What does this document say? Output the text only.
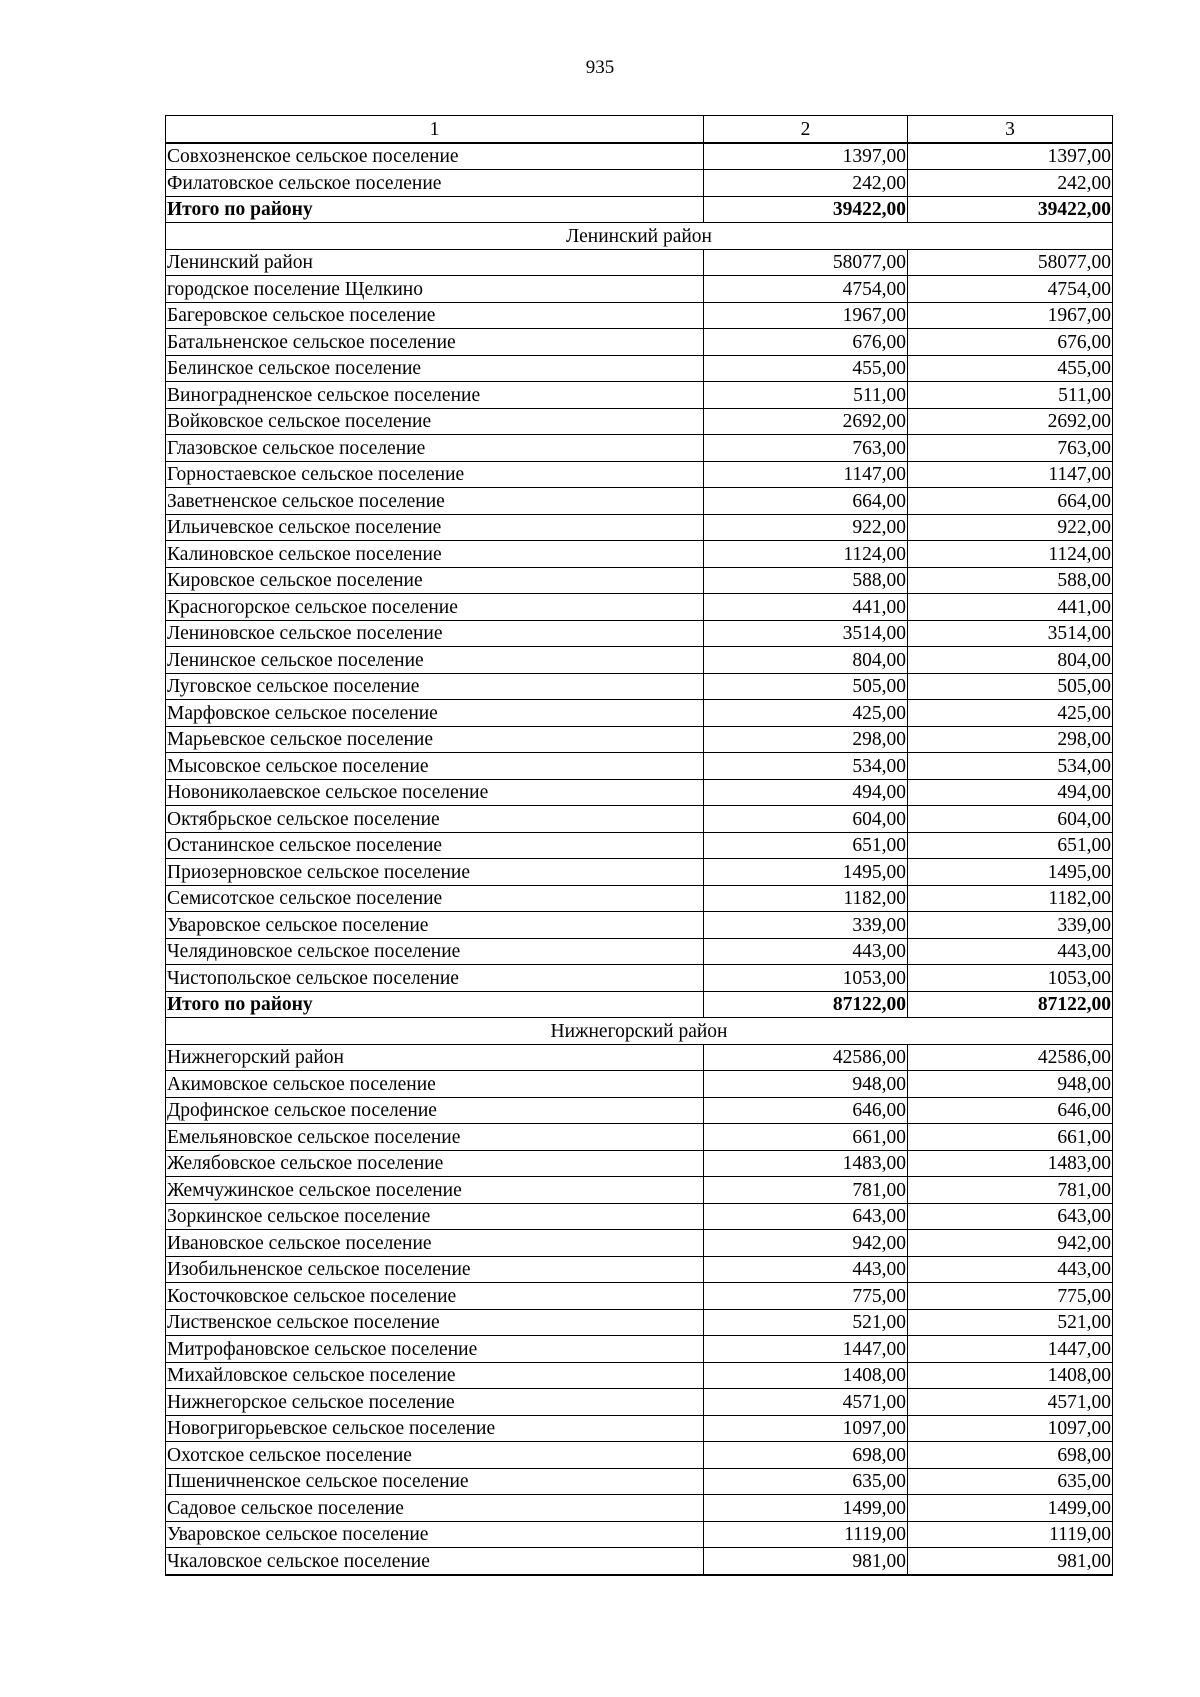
935
1	2	3
Совхозненское сельское поселение	1397,00	1397,00
Филатовское сельское поселение	242,00	242,00
Итого по району	39422,00	39422,00
Ленинский район		
Ленинский район	58077,00	58077,00
городское поселение Щелкино	4754,00	4754,00
Багеровское сельское поселение	1967,00	1967,00
Батальненское сельское поселение	676,00	676,00
Белинское сельское поселение	455,00	455,00
Виноградненское сельское поселение	511,00	511,00
Войковское сельское поселение	2692,00	2692,00
Глазовское сельское поселение	763,00	763,00
Горностаевское сельское поселение	1147,00	1147,00
Заветненское сельское поселение	664,00	664,00
Ильичевское сельское поселение	922,00	922,00
Калиновское сельское поселение	1124,00	1124,00
Кировское сельское поселение	588,00	588,00
Красногорское сельское поселение	441,00	441,00
Лениновское сельское поселение	3514,00	3514,00
Ленинское сельское поселение	804,00	804,00
Луговское сельское поселение	505,00	505,00
Марфовское сельское поселение	425,00	425,00
Марьевское сельское поселение	298,00	298,00
Мысовское сельское поселение	534,00	534,00
Новониколаевское сельское поселение	494,00	494,00
Октябрьское сельское поселение	604,00	604,00
Останинское сельское поселение	651,00	651,00
Приозерновское сельское поселение	1495,00	1495,00
Семисотское сельское поселение	1182,00	1182,00
Уваровское сельское поселение	339,00	339,00
Челядиновское сельское поселение	443,00	443,00
Чистопольское сельское поселение	1053,00	1053,00
Итого по району	87122,00	87122,00
Нижнегорский район		
Нижнегорский район	42586,00	42586,00
Акимовское сельское поселение	948,00	948,00
Дрофинское сельское поселение	646,00	646,00
Емельяновское сельское поселение	661,00	661,00
Желябовское сельское поселение	1483,00	1483,00
Жемчужинское сельское поселение	781,00	781,00
Зоркинское сельское поселение	643,00	643,00
Ивановское сельское поселение	942,00	942,00
Изобильненское сельское поселение	443,00	443,00
Косточковское сельское поселение	775,00	775,00
Лиственское сельское поселение	521,00	521,00
Митрофановское сельское поселение	1447,00	1447,00
Михайловское сельское поселение	1408,00	1408,00
Нижнегорское сельское поселение	4571,00	4571,00
Новогригорьевское сельское поселение	1097,00	1097,00
Охотское сельское поселение	698,00	698,00
Пшеничненское сельское поселение	635,00	635,00
Садовое сельское поселение	1499,00	1499,00
Уваровское сельское поселение	1119,00	1119,00
Чкаловское сельское поселение	981,00	981,00
